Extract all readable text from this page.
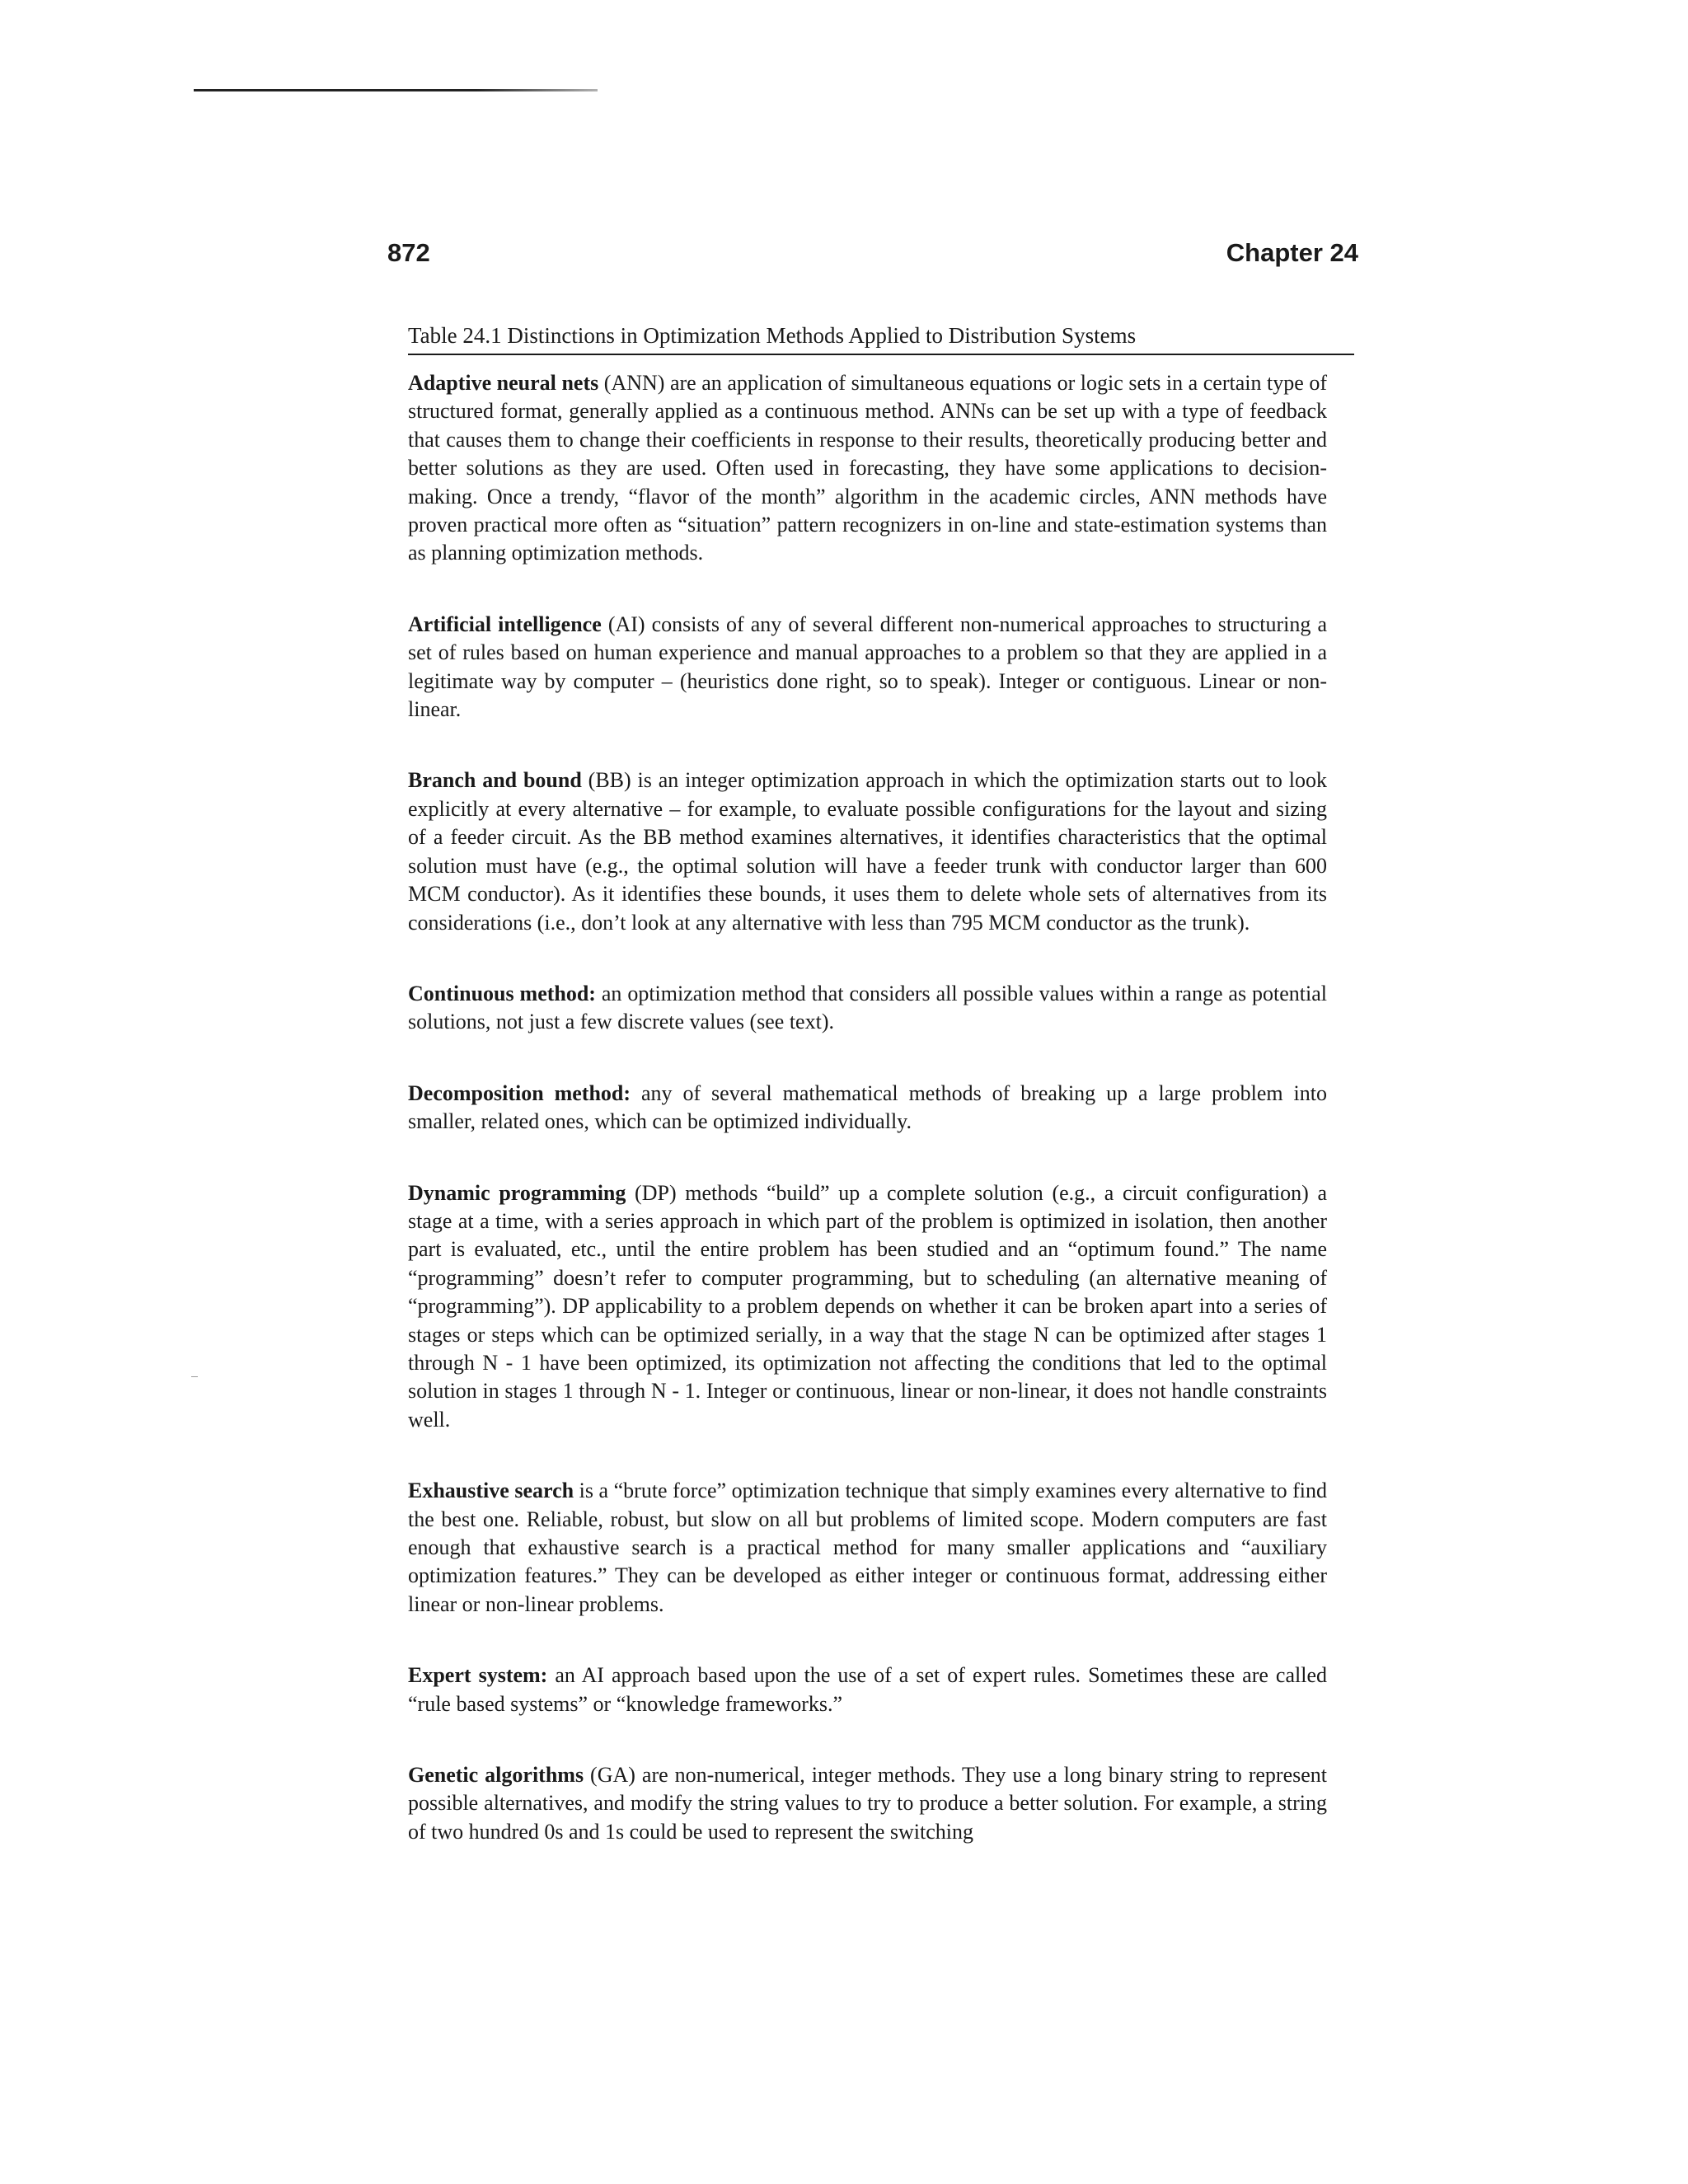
872	Chapter 24
Table 24.1 Distinctions in Optimization Methods Applied to Distribution Systems

Adaptive neural nets (ANN) are an application of simultaneous equations or logic sets in a certain type of structured format, generally applied as a continuous method. ANNs can be set up with a type of feedback that causes them to change their coefficients in response to their results, theoretically producing better and better solutions as they are used. Often used in forecasting, they have some applications to decision-making. Once a trendy, “flavor of the month” algorithm in the academic circles, ANN methods have proven practical more often as “situation” pattern recognizers in on-line and state-estimation systems than as planning optimization methods.

Artificial intelligence (AI) consists of any of several different non-numerical approaches to structuring a set of rules based on human experience and manual approaches to a problem so that they are applied in a legitimate way by computer – (heuristics done right, so to speak). Integer or contiguous. Linear or non-linear.

Branch and bound (BB) is an integer optimization approach in which the optimization starts out to look explicitly at every alternative – for example, to evaluate possible configurations for the layout and sizing of a feeder circuit. As the BB method examines alternatives, it identifies characteristics that the optimal solution must have (e.g., the optimal solution will have a feeder trunk with conductor larger than 600 MCM conductor). As it identifies these bounds, it uses them to delete whole sets of alternatives from its considerations (i.e., don’t look at any alternative with less than 795 MCM conductor as the trunk).

Continuous method: an optimization method that considers all possible values within a range as potential solutions, not just a few discrete values (see text).

Decomposition method: any of several mathematical methods of breaking up a large problem into smaller, related ones, which can be optimized individually.

Dynamic programming (DP) methods “build” up a complete solution (e.g., a circuit configuration) a stage at a time, with a series approach in which part of the problem is optimized in isolation, then another part is evaluated, etc., until the entire problem has been studied and an “optimum found.” The name “programming” doesn’t refer to computer programming, but to scheduling (an alternative meaning of “programming”). DP applicability to a problem depends on whether it can be broken apart into a series of stages or steps which can be optimized serially, in a way that the stage N can be optimized after stages 1 through N - 1 have been optimized, its optimization not affecting the conditions that led to the optimal solution in stages 1 through N - 1. Integer or continuous, linear or non-linear, it does not handle constraints well.

Exhaustive search is a “brute force” optimization technique that simply examines every alternative to find the best one. Reliable, robust, but slow on all but problems of limited scope. Modern computers are fast enough that exhaustive search is a practical method for many smaller applications and “auxiliary optimization features.” They can be developed as either integer or continuous format, addressing either linear or non-linear problems.

Expert system: an AI approach based upon the use of a set of expert rules. Sometimes these are called “rule based systems” or “knowledge frameworks.”

Genetic algorithms (GA) are non-numerical, integer methods. They use a long binary string to represent possible alternatives, and modify the string values to try to produce a better solution. For example, a string of two hundred 0s and 1s could be used to represent the switching
